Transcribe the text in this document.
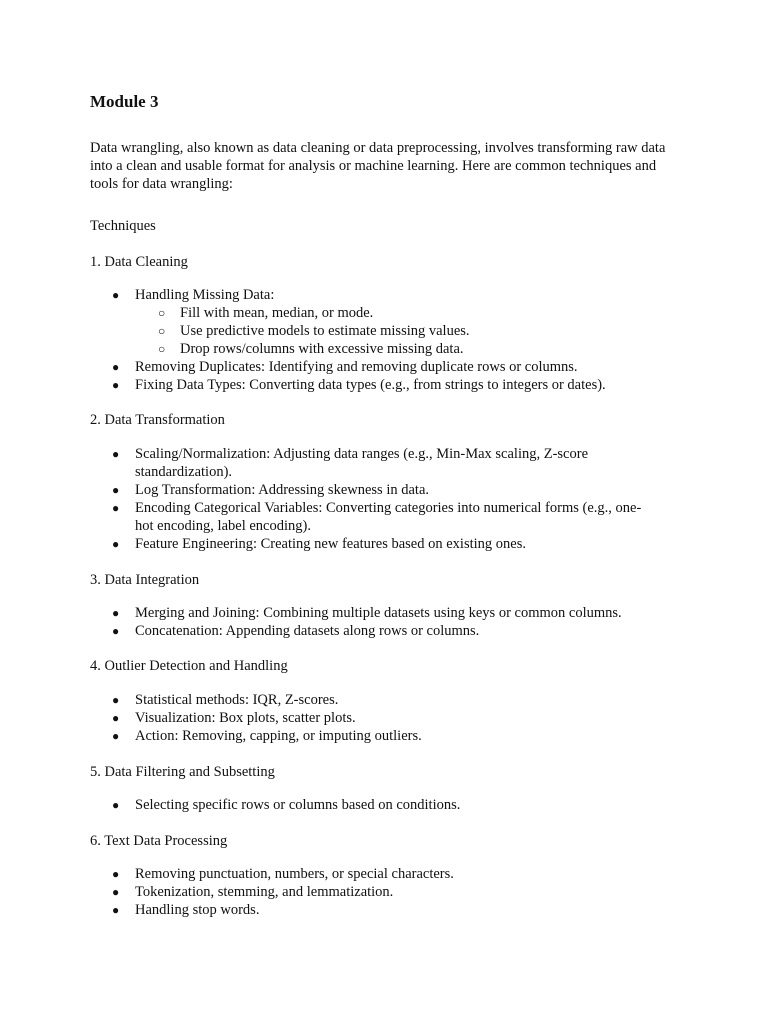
Module 3
Data wrangling, also known as data cleaning or data preprocessing, involves transforming raw data into a clean and usable format for analysis or machine learning. Here are common techniques and tools for data wrangling:
Techniques
1. Data Cleaning
● Handling Missing Data:
○ Fill with mean, median, or mode.
○ Use predictive models to estimate missing values.
○ Drop rows/columns with excessive missing data.
● Removing Duplicates: Identifying and removing duplicate rows or columns.
● Fixing Data Types: Converting data types (e.g., from strings to integers or dates).
2. Data Transformation
● Scaling/Normalization: Adjusting data ranges (e.g., Min-Max scaling, Z-score standardization).
● Log Transformation: Addressing skewness in data.
● Encoding Categorical Variables: Converting categories into numerical forms (e.g., one-hot encoding, label encoding).
● Feature Engineering: Creating new features based on existing ones.
3. Data Integration
● Merging and Joining: Combining multiple datasets using keys or common columns.
● Concatenation: Appending datasets along rows or columns.
4. Outlier Detection and Handling
● Statistical methods: IQR, Z-scores.
● Visualization: Box plots, scatter plots.
● Action: Removing, capping, or imputing outliers.
5. Data Filtering and Subsetting
● Selecting specific rows or columns based on conditions.
6. Text Data Processing
● Removing punctuation, numbers, or special characters.
● Tokenization, stemming, and lemmatization.
● Handling stop words.
